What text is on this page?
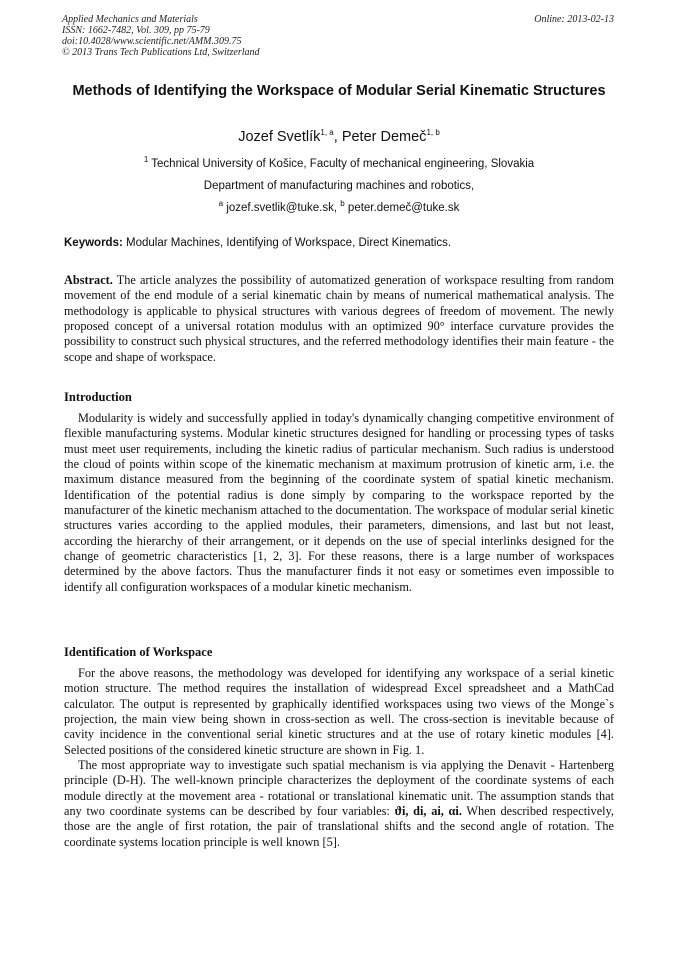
Applied Mechanics and Materials
ISSN: 1662-7482, Vol. 309, pp 75-79
doi:10.4028/www.scientific.net/AMM.309.75
© 2013 Trans Tech Publications Ltd, Switzerland
Online: 2013-02-13
Methods of Identifying the Workspace of Modular Serial Kinematic Structures
Jozef Svetlík$^{1, a}$, Peter Demeč$^{1, b}$
$^1$ Technical University of Košice, Faculty of mechanical engineering, Slovakia
Department of manufacturing machines and robotics,
$^a$ jozef.svetlik@tuke.sk, $^b$ peter.demeč@tuke.sk
Keywords: Modular Machines, Identifying of Workspace, Direct Kinematics.

Abstract. The article analyzes the possibility of automatized generation of workspace resulting from random movement of the end module of a serial kinematic chain by means of numerical mathematical analysis. The methodology is applicable to physical structures with various degrees of freedom of movement. The newly proposed concept of a universal rotation modulus with an optimized 90° interface curvature provides the possibility to construct such physical structures, and the referred methodology identifies their main feature - the scope and shape of workspace.

Introduction

Modularity is widely and successfully applied in today's dynamically changing competitive environment of flexible manufacturing systems. Modular kinetic structures designed for handling or processing types of tasks must meet user requirements, including the kinetic radius of particular mechanism. Such radius is understood the cloud of points within scope of the kinematic mechanism at maximum protrusion of kinetic arm, i.e. the maximum distance measured from the beginning of the coordinate system of spatial kinetic mechanism. Identification of the potential radius is done simply by comparing to the workspace reported by the manufacturer of the kinetic mechanism attached to the documentation. The workspace of modular serial kinetic structures varies according to the applied modules, their parameters, dimensions, and last but not least, according the hierarchy of their arrangement, or it depends on the use of special interlinks designed for the change of geometric characteristics [1, 2, 3]. For these reasons, there is a large number of workspaces determined by the above factors. Thus the manufacturer finds it not easy or sometimes even impossible to identify all configuration workspaces of a modular kinetic mechanism.

Identification of Workspace

For the above reasons, the methodology was developed for identifying any workspace of a serial kinetic motion structure. The method requires the installation of widespread Excel spreadsheet and a MathCad calculator. The output is represented by graphically identified workspaces using two views of the Monge`s projection, the main view being shown in cross-section as well. The cross-section is inevitable because of cavity incidence in the conventional serial kinetic structures and at the use of rotary kinetic modules [4]. Selected positions of the considered kinetic structure are shown in Fig. 1.

The most appropriate way to investigate such spatial mechanism is via applying the Denavit - Hartenberg principle (D-H). The well-known principle characterizes the deployment of the coordinate systems of each module directly at the movement area - rotational or translational kinematic unit. The assumption stands that any two coordinate systems can be described by four variables: ϑi, di, ai, αi. When described respectively, those are the angle of first rotation, the pair of translational shifts and the second angle of rotation. The coordinate systems location principle is well known [5].
